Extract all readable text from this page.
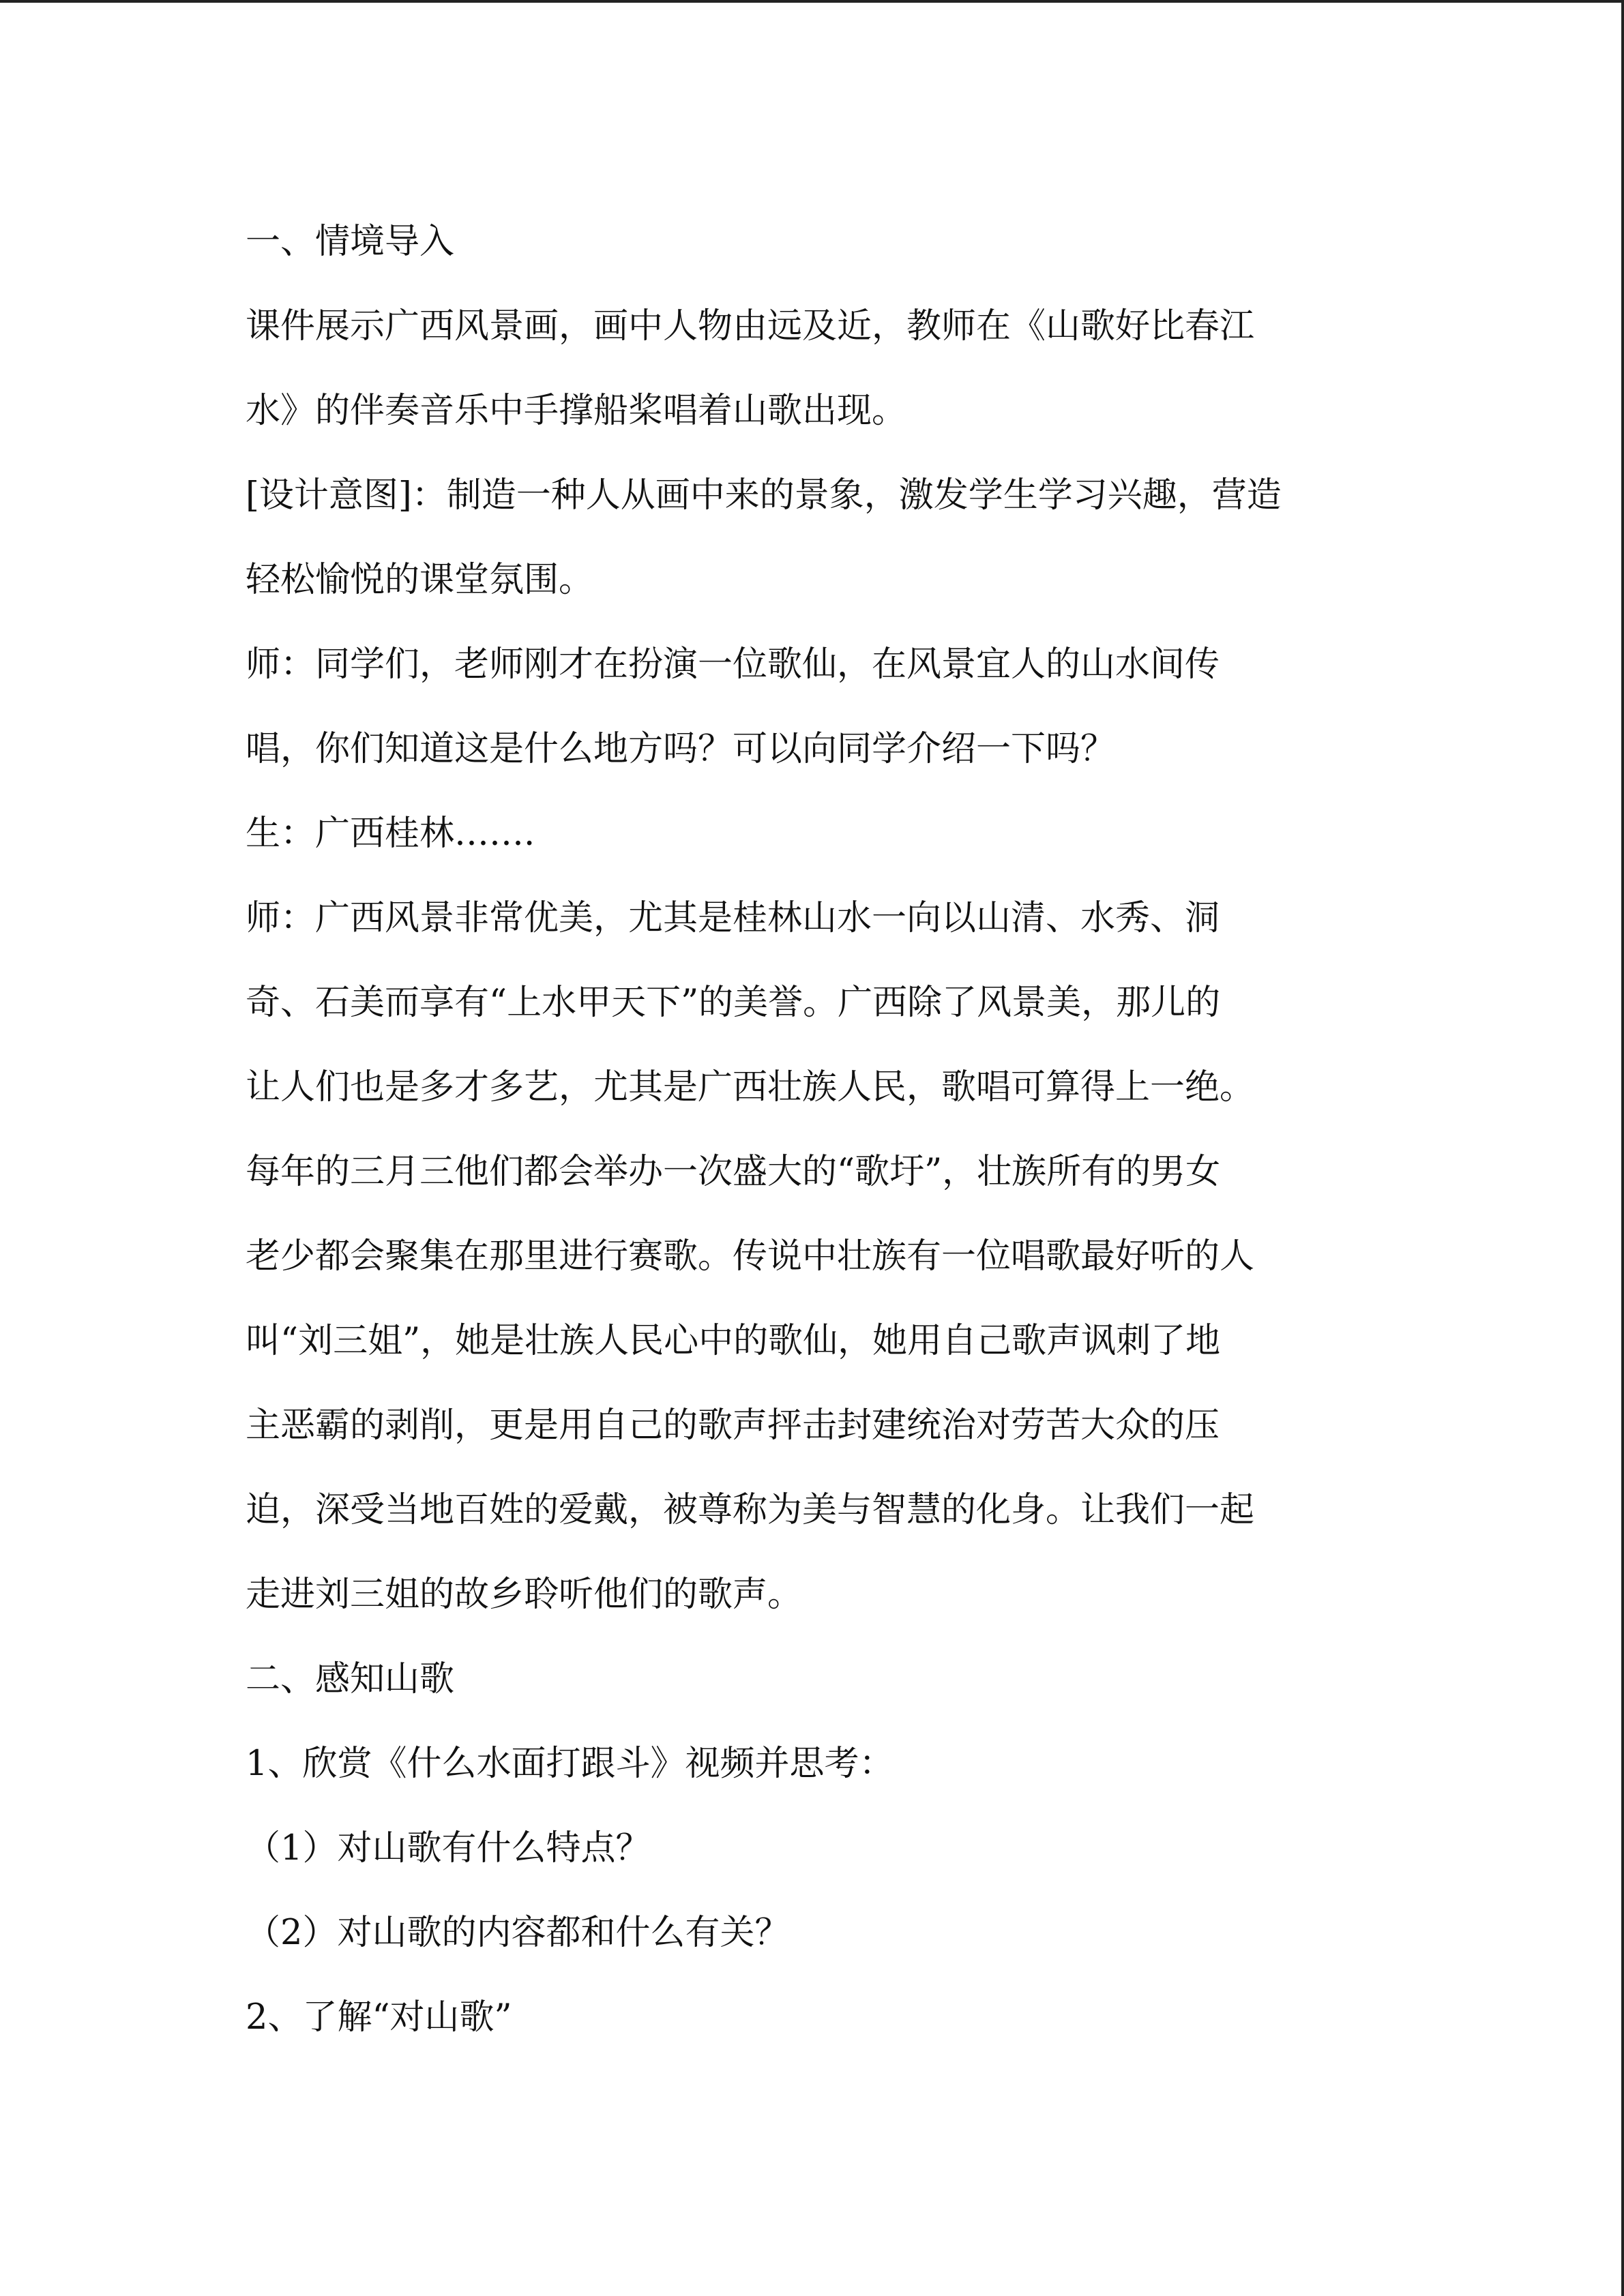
一、情境导入

课件展示广西风景画，画中人物由远及近，教师在《山歌好比春江

水》的伴奏音乐中手撑船桨唱着山歌出现。

[设计意图]：制造一种人从画中来的景象，激发学生学习兴趣，营造

轻松愉悦的课堂氛围。

师：同学们，老师刚才在扮演一位歌仙，在风景宜人的山水间传

唱，你们知道这是什么地方吗？可以向同学介绍一下吗？

生：广西桂林…….

师：广西风景非常优美，尤其是桂林山水一向以山清、水秀、洞

奇、石美而享有“上水甲天下”的美誉。广西除了风景美，那儿的

让人们也是多才多艺，尤其是广西壮族人民，歌唱可算得上一绝。

每年的三月三他们都会举办一次盛大的“歌圩”，壮族所有的男女

老少都会聚集在那里进行赛歌。传说中壮族有一位唱歌最好听的人

叫“刘三姐”，她是壮族人民心中的歌仙，她用自己歌声讽刺了地

主恶霸的剥削，更是用自己的歌声抨击封建统治对劳苦大众的压

迫，深受当地百姓的爱戴，被尊称为美与智慧的化身。让我们一起

走进刘三姐的故乡聆听他们的歌声。

二、感知山歌

1、欣赏《什么水面打跟斗》视频并思考：

（1）对山歌有什么特点？

（2）对山歌的内容都和什么有关？

2、了解“对山歌”
